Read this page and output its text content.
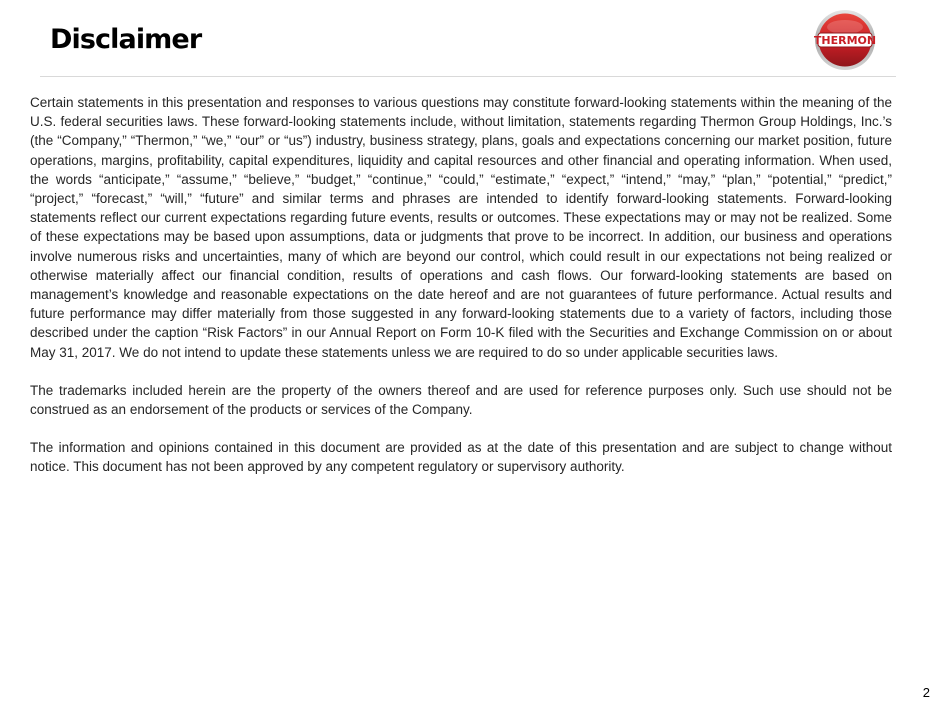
Disclaimer	THERMON

Certain statements in this presentation and responses to various questions may constitute forward-looking statements within the meaning of the U.S. federal securities laws. These forward-looking statements include, without limitation, statements regarding Thermon Group Holdings, Inc.’s (the “Company,” “Thermon,” “we,” “our” or “us”) industry, business strategy, plans, goals and expectations concerning our market position, future operations, margins, profitability, capital expenditures, liquidity and capital resources and other financial and operating information. When used, the words “anticipate,” “assume,” “believe,” “budget,” “continue,” “could,” “estimate,” “expect,” “intend,” “may,” “plan,” “potential,” “predict,” “project,” “forecast,” “will,” “future” and similar terms and phrases are intended to identify forward-looking statements. Forward-looking statements reflect our current expectations regarding future events, results or outcomes. These expectations may or may not be realized. Some of these expectations may be based upon assumptions, data or judgments that prove to be incorrect. In addition, our business and operations involve numerous risks and uncertainties, many of which are beyond our control, which could result in our expectations not being realized or otherwise materially affect our financial condition, results of operations and cash flows. Our forward-looking statements are based on management’s knowledge and reasonable expectations on the date hereof and are not guarantees of future performance. Actual results and future performance may differ materially from those suggested in any forward-looking statements due to a variety of factors, including those described under the caption “Risk Factors” in our Annual Report on Form 10-K filed with the Securities and Exchange Commission on or about May 31, 2017. We do not intend to update these statements unless we are required to do so under applicable securities laws.

The trademarks included herein are the property of the owners thereof and are used for reference purposes only. Such use should not be construed as an endorsement of the products or services of the Company.

The information and opinions contained in this document are provided as at the date of this presentation and are subject to change without notice. This document has not been approved by any competent regulatory or supervisory authority.

2
